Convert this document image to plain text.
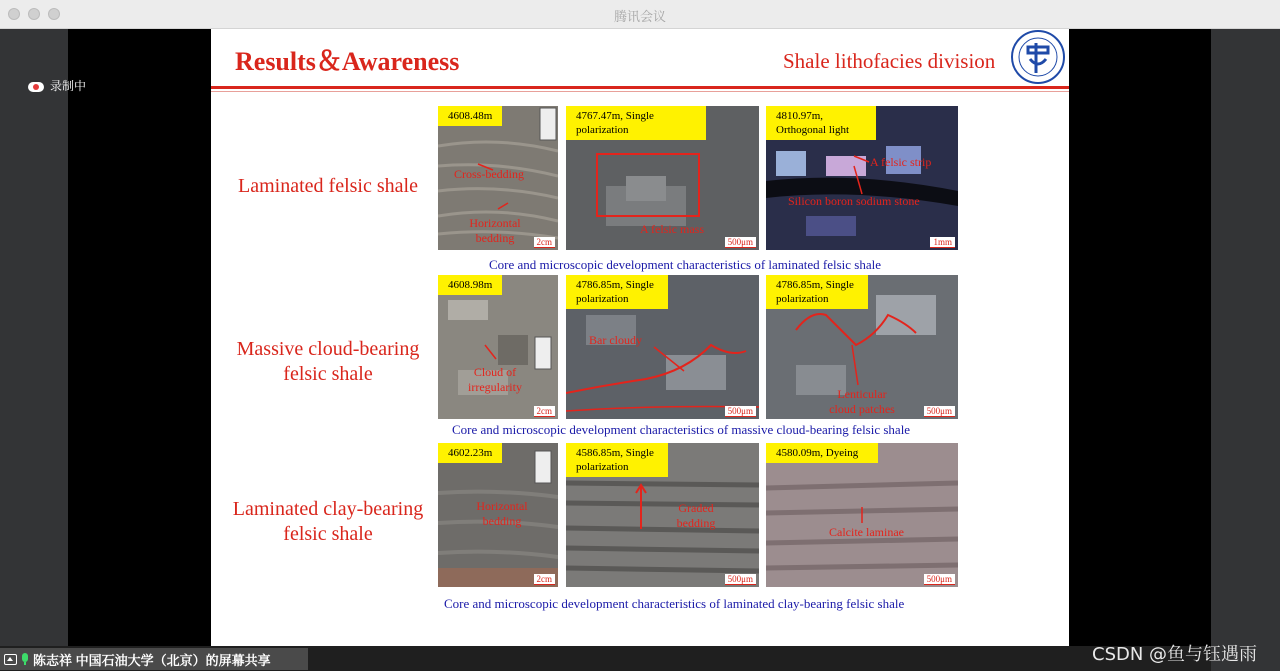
腾讯会议
录制中
Results＆Awareness	Shale lithofacies division
Laminated felsic shale
4608.48m
Cross-bedding
Horizontal bedding	2cm
4767.47m, Single polarization
A felsic mass
500μm
4810.97m, Orthogonal light
A felsic strip
Silicon boron sodium stone
1mm
Core and microscopic development characteristics of laminated felsic shale
Massive cloud-bearing felsic shale
4608.98m
Cloud of irregularity
2cm
4786.85m, Single polarization
Bar cloudy
500μm
4786.85m, Single polarization
Lenticular cloud patches	500μm
Core and microscopic development characteristics of massive cloud-bearing felsic shale
Laminated clay-bearing felsic shale
4602.23m
Horizontal bedding
2cm
4586.85m, Single polarization
Graded bedding
500μm
4580.09m, Dyeing
Calcite laminae
500μm
Core and microscopic development characteristics of laminated clay-bearing felsic shale
陈志祥 中国石油大学（北京）的屏幕共享	CSDN @鱼与钰遇雨
